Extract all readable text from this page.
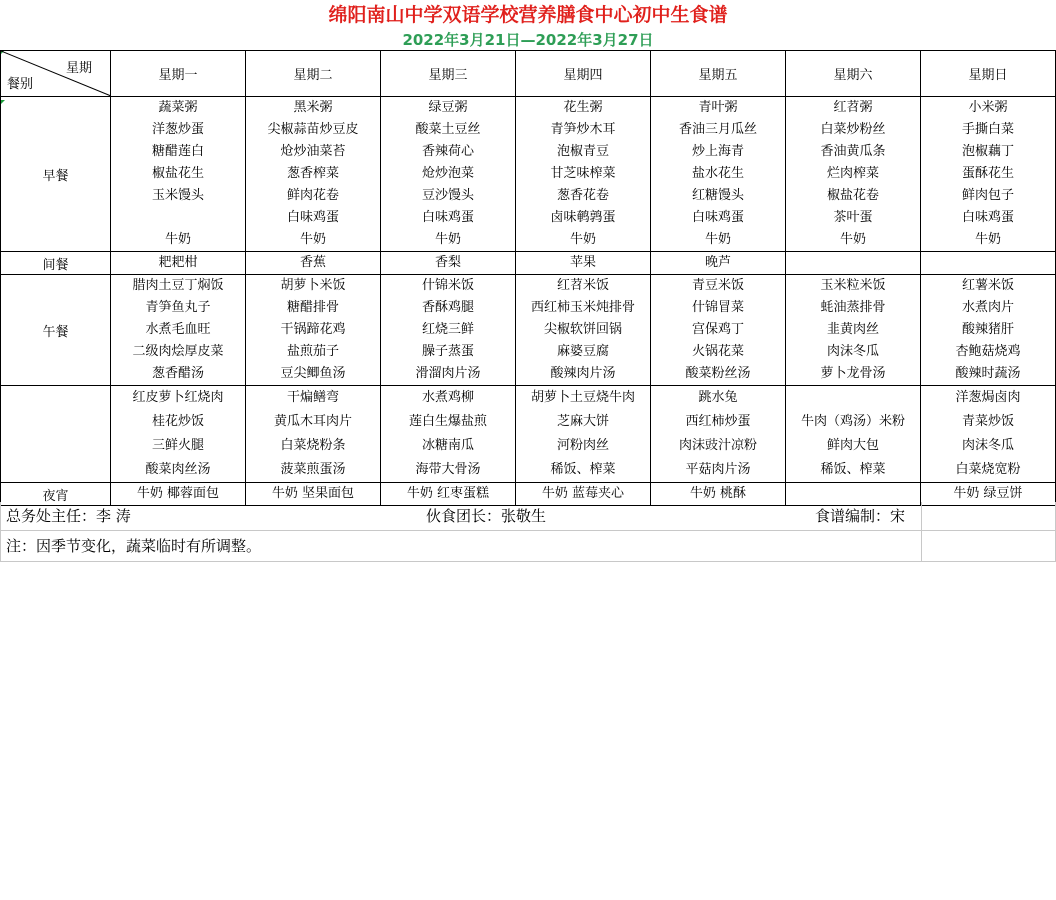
绵阳南山中学双语学校营养膳食中心初中生食谱
2022年3月21日—2022年3月27日
星期
餐别	星期一	星期二	星期三	星期四	星期五	星期六	星期日
早餐	蔬菜粥	黑米粥	绿豆粥	花生粥	青叶粥	红苕粥	小米粥
	洋葱炒蛋	尖椒蒜苗炒豆皮	酸菜土豆丝	青笋炒木耳	香油三月瓜丝	白菜炒粉丝	手撕白菜
	糖醋莲白	炝炒油菜苔	香辣荷心	泡椒青豆	炒上海青	香油黄瓜条	泡椒藕丁
	椒盐花生	葱香榨菜	炝炒泡菜	甘芝味榨菜	盐水花生	烂肉榨菜	蛋酥花生
	玉米馒头	鲜肉花卷	豆沙馒头	葱香花卷	红糖馒头	椒盐花卷	鲜肉包子
		白味鸡蛋	白味鸡蛋	卤味鹌鹑蛋	白味鸡蛋	茶叶蛋	白味鸡蛋
	牛奶	牛奶	牛奶	牛奶	牛奶	牛奶	牛奶
间餐	耙耙柑	香蕉	香梨	苹果	晚芦		
午餐	腊肉土豆丁焖饭	胡萝卜米饭	什锦米饭	红苕米饭	青豆米饭	玉米粒米饭	红薯米饭
	青笋鱼丸子	糖醋排骨	香酥鸡腿	西红柿玉米炖排骨	什锦冒菜	蚝油蒸排骨	水煮肉片
	水煮毛血旺	干锅蹄花鸡	红烧三鲜	尖椒软饼回锅	宫保鸡丁	韭黄肉丝	酸辣猪肝
	二级肉烩厚皮菜	盐煎茄子	臊子蒸蛋	麻婆豆腐	火锅花菜	肉沫冬瓜	杏鲍菇烧鸡
	葱香醋汤	豆尖鲫鱼汤	滑溜肉片汤	酸辣肉片汤	酸菜粉丝汤	萝卜龙骨汤	酸辣时蔬汤
	红皮萝卜红烧肉	干煸鳝弯	水煮鸡柳	胡萝卜土豆烧牛肉	跳水兔		洋葱焗卤肉
	桂花炒饭	黄瓜木耳肉片	莲白生爆盐煎	芝麻大饼	西红柿炒蛋	牛肉（鸡汤）米粉	青菜炒饭
	三鲜火腿	白菜烧粉条	冰糖南瓜	河粉肉丝	肉沫豉汁凉粉	鲜肉大包	肉沫冬瓜
	酸菜肉丝汤	菠菜煎蛋汤	海带大骨汤	稀饭、榨菜	平菇肉片汤	稀饭、榨菜	白菜烧宽粉
夜宵	牛奶 椰蓉面包	牛奶 坚果面包	牛奶 红枣蛋糕	牛奶 蓝莓夹心	牛奶 桃酥		牛奶 绿豆饼
总务处主任：李 涛	伙食团长：张敬生	食谱编制：宋
注：因季节变化，蔬菜临时有所调整。
